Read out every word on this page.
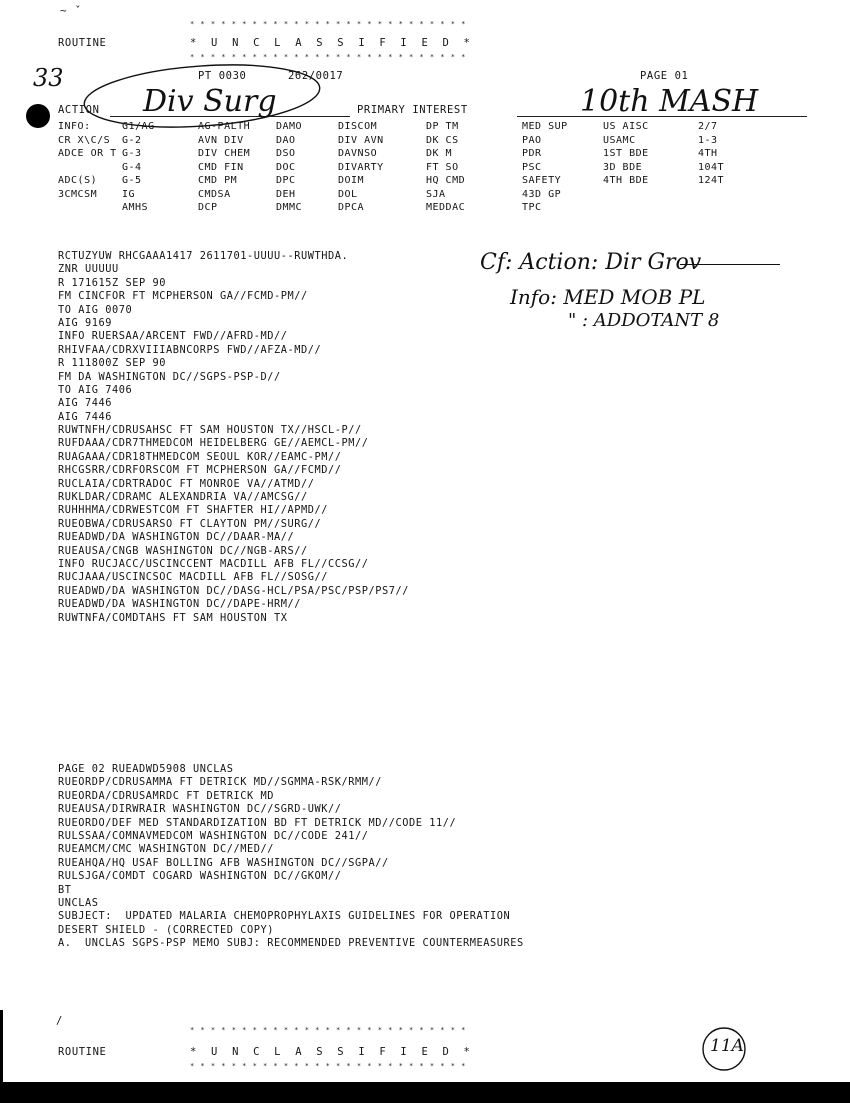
~ ˇ
* * * * * * * * * * * * * * * * * * * * * * * * * * *
ROUTINE	* U N C L A S S I F I E D *
* * * * * * * * * * * * * * * * * * * * * * * * * * *
33	PT 0030      262/0017	PAGE 01
ACTION Div Surg	PRIMARY INTEREST	10th MASH
INFO:	G1/AG	AG-PALTH	DAMO	DISCOM	DP TM	MED SUP	US AISC	2/7
CR X\C/S G-2	AVN DIV	DAO	DIV AVN	DK CS	PAO	USAMC	1-3
ADCE OR T G-3	DIV CHEM	DSO	DAVNSO	DK M	PDR	1ST BDE	4TH
G-4	CMD FIN	DOC	DIVARTY	FT SO	PSC	3D BDE	104T
ADC(S) G-5	CMD PM	DPC	DOIM	HQ CMD	SAFETY	4TH BDE	124T
3CMCSM IG	CMDSA	DEH	DOL	SJA	43D GP
AMHS	DCP	DMMC	DPCA	MEDDAC	TPC
Cf: Action: Dir Grov
Info: MED MOB PL
" : ADDOTANT 8
RCTUZYUW RHCGAAA1417 2611701-UUUU--RUWTHDA.
ZNR UUUUU
R 171615Z SEP 90
FM CINCFOR FT MCPHERSON GA//FCMD-PM//
TO AIG 0070
AIG 9169
INFO RUERSAA/ARCENT FWD//AFRD-MD//
RHIVFAA/CDRXVIIIABNCORPS FWD//AFZA-MD//
R 111800Z SEP 90
FM DA WASHINGTON DC//SGPS-PSP-D//
TO AIG 7406
AIG 7446
AIG 7446
RUWTNFH/CDRUSAHSC FT SAM HOUSTON TX//HSCL-P//
RUFDAAA/CDR7THMEDCOM HEIDELBERG GE//AEMCL-PM//
RUAGAAA/CDR18THMEDCOM SEOUL KOR//EAMC-PM//
RHCGSRR/CDRFORSCOM FT MCPHERSON GA//FCMD//
RUCLAIA/CDRTRADOC FT MONROE VA//ATMD//
RUKLDAR/CDRAMC ALEXANDRIA VA//AMCSG//
RUHHHMA/CDRWESTCOM FT SHAFTER HI//APMD//
RUEOBWA/CDRUSARSO FT CLAYTON PM//SURG//
RUEADWD/DA WASHINGTON DC//DAAR-MA//
RUEAUSA/CNGB WASHINGTON DC//NGB-ARS//
INFO RUCJACC/USCINCCENT MACDILL AFB FL//CCSG//
RUCJAAA/USCINCSOC MACDILL AFB FL//SOSG//
RUEADWD/DA WASHINGTON DC//DASG-HCL/PSA/PSC/PSP/PS7//
RUEADWD/DA WASHINGTON DC//DAPE-HRM//
RUWTNFA/COMDTAHS FT SAM HOUSTON TX
PAGE 02 RUEADWD5908 UNCLAS
RUEORDP/CDRUSAMMA FT DETRICK MD//SGMMA-RSK/RMM//
RUEORDA/CDRUSAMRDC FT DETRICK MD
RUEAUSA/DIRWRAIR WASHINGTON DC//SGRD-UWK//
RUEORDO/DEF MED STANDARDIZATION BD FT DETRICK MD//CODE 11//
RULSSAA/COMNAVMEDCOM WASHINGTON DC//CODE 241//
RUEAMCM/CMC WASHINGTON DC//MED//
RUEAHQA/HQ USAF BOLLING AFB WASHINGTON DC//SGPA//
RULSJGA/COMDT COGARD WASHINGTON DC//GKOM//
BT
UNCLAS
SUBJECT:  UPDATED MALARIA CHEMOPROPHYLAXIS GUIDELINES FOR OPERATION
DESERT SHIELD - (CORRECTED COPY)
A.  UNCLAS SGPS-PSP MEMO SUBJ: RECOMMENDED PREVENTIVE COUNTERMEASURES
/
* * * * * * * * * * * * * * * * * * * * * * * * * * *
ROUTINE	* U N C L A S S I F I E D *
* * * * * * * * * * * * * * * * * * * * * * * * * * *
11A
